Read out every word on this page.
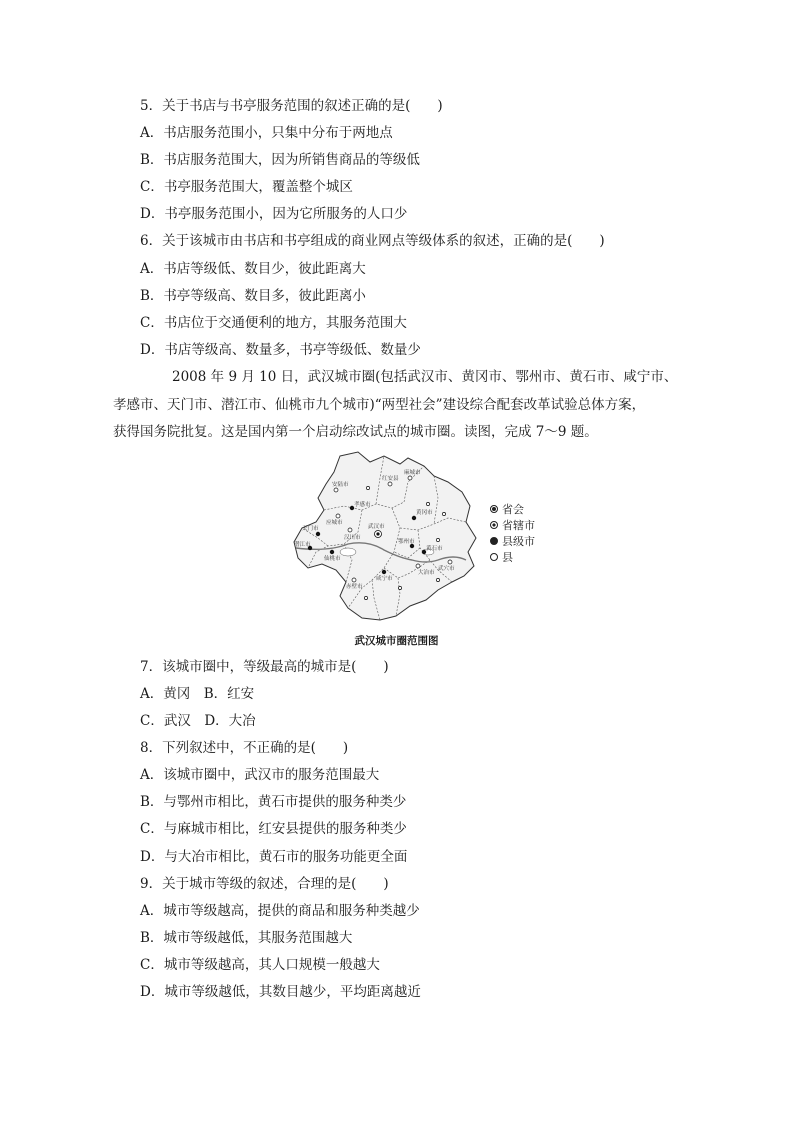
5．关于书店与书亭服务范围的叙述正确的是(　　)
A．书店服务范围小，只集中分布于两地点
B．书店服务范围大，因为所销售商品的等级低
C．书亭服务范围大，覆盖整个城区
D．书亭服务范围小，因为它所服务的人口少
6．关于该城市由书店和书亭组成的商业网点等级体系的叙述，正确的是(　　)
A．书店等级低、数目少，彼此距离大
B．书亭等级高、数目多，彼此距离小
C．书店位于交通便利的地方，其服务范围大
D．书店等级高、数量多，书亭等级低、数量少
2008 年 9 月 10 日，武汉城市圈(包括武汉市、黄冈市、鄂州市、黄石市、咸宁市、
孝感市、天门市、潜江市、仙桃市九个城市)“两型社会”建设综合配套改革试验总体方案，
获得国务院批复。这是国内第一个启动综改试点的城市圈。读图，完成 7～9 题。
武汉市
孝感市
安陆市
应城市
汉川市
天门市
潜江市
仙桃市
麻城市
红安县
黄冈市
鄂州市
黄石市
大冶市
武穴市
咸宁市
赤壁市
省会
省辖市
县级市
县
武汉城市圈范围图
7．该城市圈中，等级最高的城市是(　　)
A．黄冈　B．红安
C．武汉　D．大冶
8．下列叙述中，不正确的是(　　)
A．该城市圈中，武汉市的服务范围最大
B．与鄂州市相比，黄石市提供的服务种类少
C．与麻城市相比，红安县提供的服务种类少
D．与大冶市相比，黄石市的服务功能更全面
9．关于城市等级的叙述，合理的是(　　)
A．城市等级越高，提供的商品和服务种类越少
B．城市等级越低，其服务范围越大
C．城市等级越高，其人口规模一般越大
D．城市等级越低，其数目越少，平均距离越近
